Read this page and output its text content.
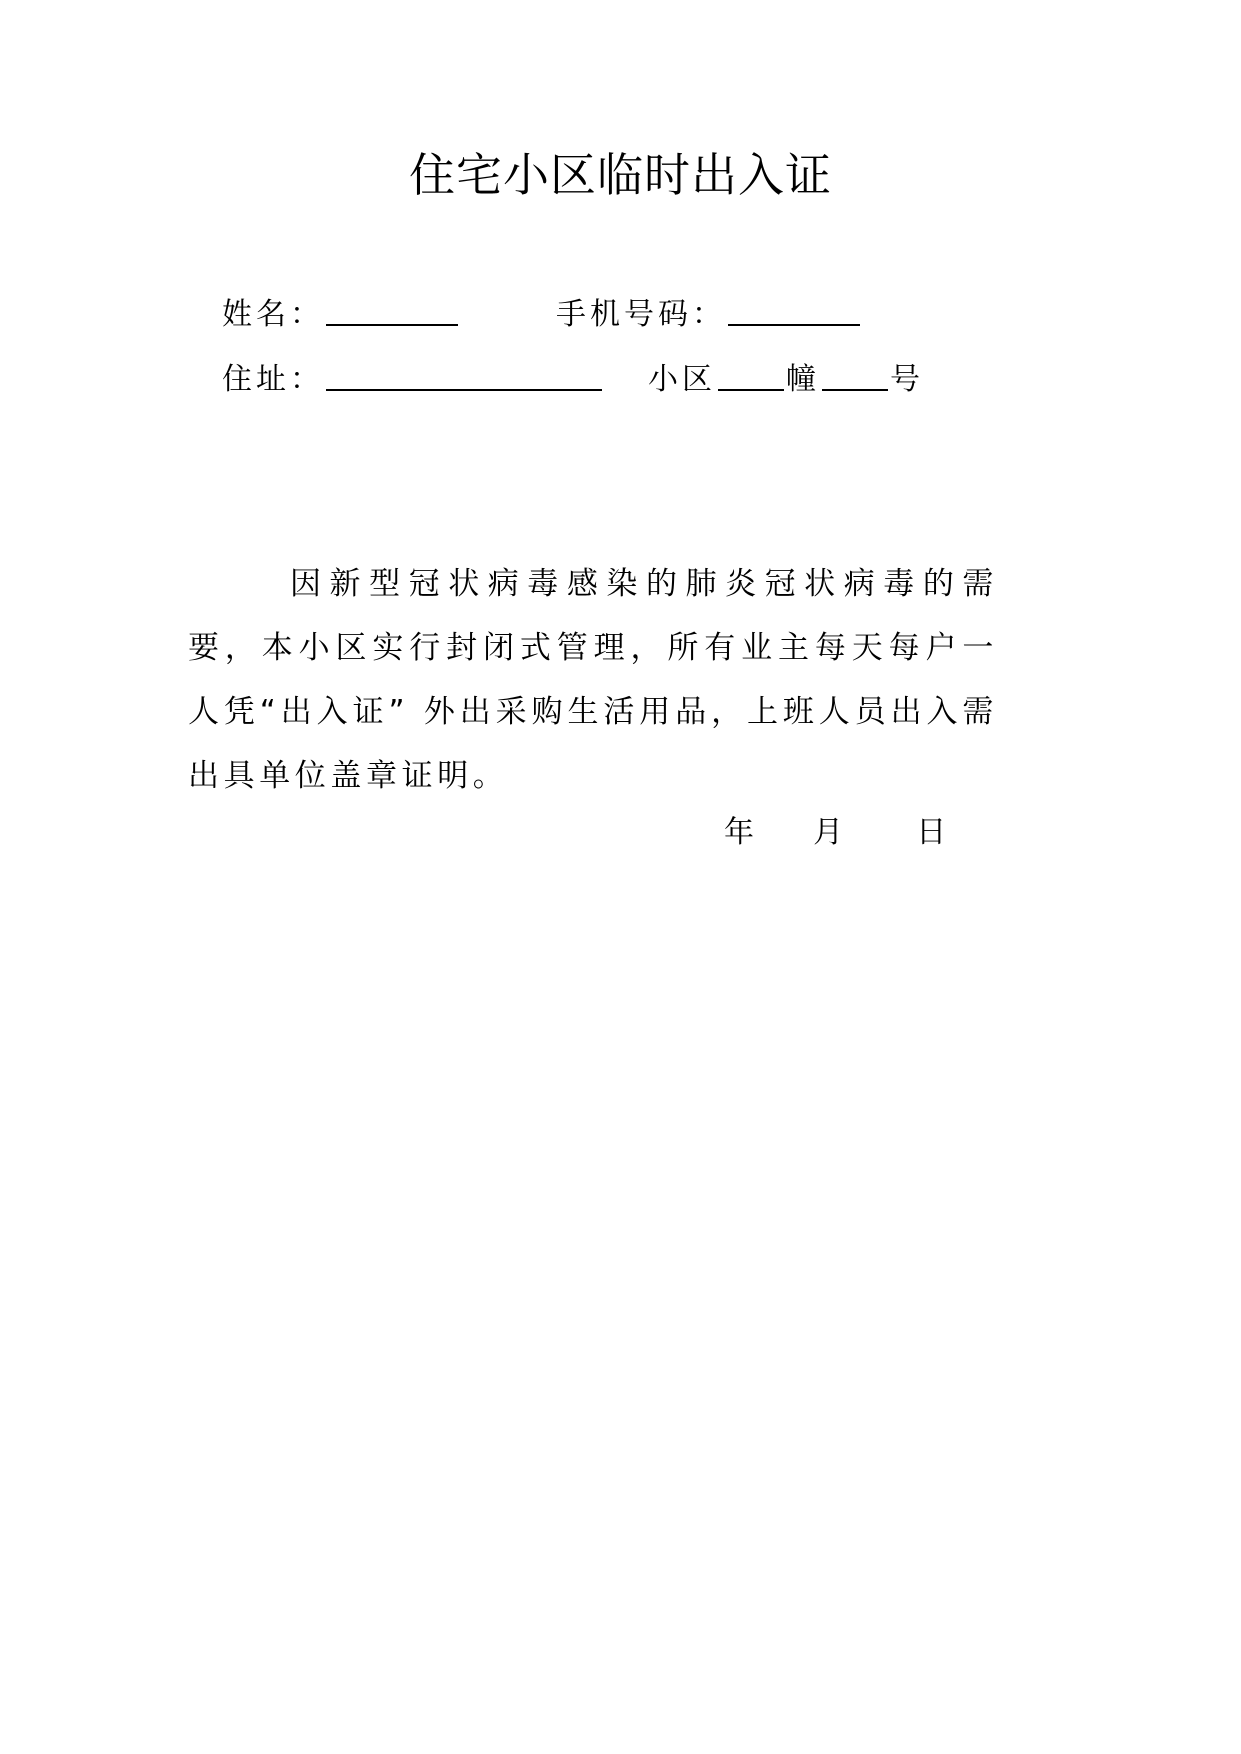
住宅小区临时出入证
姓名：	手机号码：
住址：	小区 幢 号
因新型冠状病毒感染的肺炎冠状病毒的需要，本小区实行封闭式管理，所有业主每天每户一人凭“出入证” 外出采购生活用品，上班人员出入需出具单位盖章证明。
年 月 日
